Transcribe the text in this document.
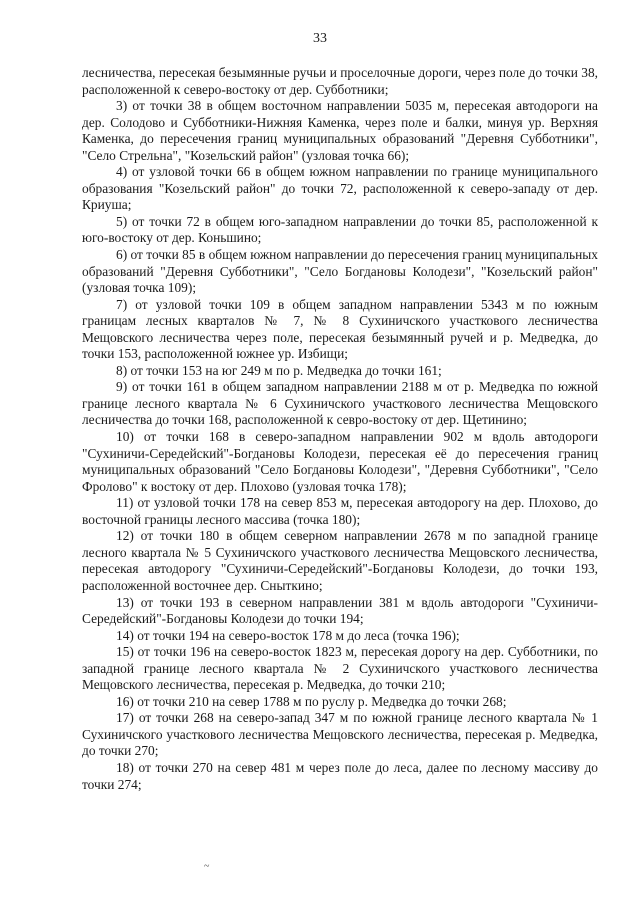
33

лесничества, пересекая безымянные ручьи и проселочные дороги, через поле до точки 38, расположенной к северо-востоку от дер. Субботники;

3) от точки 38 в общем восточном направлении 5035 м, пересекая автодороги на дер. Солодово и Субботники-Нижняя Каменка, через поле и балки, минуя ур. Верхняя Каменка, до пересечения границ муниципальных образований "Деревня Субботники", "Село Стрельна", "Козельский район" (узловая точка 66);

4) от узловой точки 66 в общем южном направлении по границе муниципального образования "Козельский район" до точки 72, расположенной к северо-западу от дер. Криуша;

5) от точки 72 в общем юго-западном направлении до точки 85, расположенной к юго-востоку от дер. Коньшино;

6) от точки 85 в общем южном направлении до пересечения границ муниципальных образований "Деревня Субботники", "Село Богдановы Колодези", "Козельский район" (узловая точка 109);

7) от узловой точки 109 в общем западном направлении 5343 м по южным границам лесных кварталов № 7, № 8 Сухиничского участкового лесничества Мещовского лесничества через поле, пересекая безымянный ручей и р. Медведка, до точки 153, расположенной южнее ур. Избищи;

8) от точки 153 на юг 249 м по р. Медведка до точки 161;

9) от точки 161 в общем западном направлении 2188 м от р. Медведка по южной границе лесного квартала № 6 Сухиничского участкового лесничества Мещовского лесничества до точки 168, расположенной к севро-востоку от дер. Щетинино;

10) от точки 168 в северо-западном направлении 902 м вдоль автодороги "Сухиничи-Середейский"-Богдановы Колодези, пересекая её до пересечения границ муниципальных образований "Село Богдановы Колодези", "Деревня Субботники", "Село Фролово" к востоку от дер. Плохово (узловая точка 178);

11) от узловой точки 178 на север 853 м, пересекая автодорогу на дер. Плохово, до восточной границы лесного массива (точка 180);

12) от точки 180 в общем северном направлении 2678 м по западной границе лесного квартала № 5 Сухиничского участкового лесничества Мещовского лесничества, пересекая автодорогу "Сухиничи-Середейский"-Богдановы Колодези, до точки 193, расположенной восточнее дер. Сныткино;

13) от точки 193 в северном направлении 381 м вдоль автодороги "Сухиничи-Середейский"-Богдановы Колодези до точки 194;

14) от точки 194 на северо-восток 178 м до леса (точка 196);

15) от точки 196 на северо-восток 1823 м, пересекая дорогу на дер. Субботники, по западной границе лесного квартала № 2 Сухиничского участкового лесничества Мещовского лесничества, пересекая р. Медведка, до точки 210;

16) от точки 210 на север 1788 м по руслу р. Медведка до точки 268;

17) от точки 268 на северо-запад 347 м по южной границе лесного квартала № 1 Сухиничского участкового лесничества Мещовского лесничества, пересекая р. Медведка, до точки 270;

18) от точки 270 на север 481 м через поле до леса, далее по лесному массиву до точки 274;

~
